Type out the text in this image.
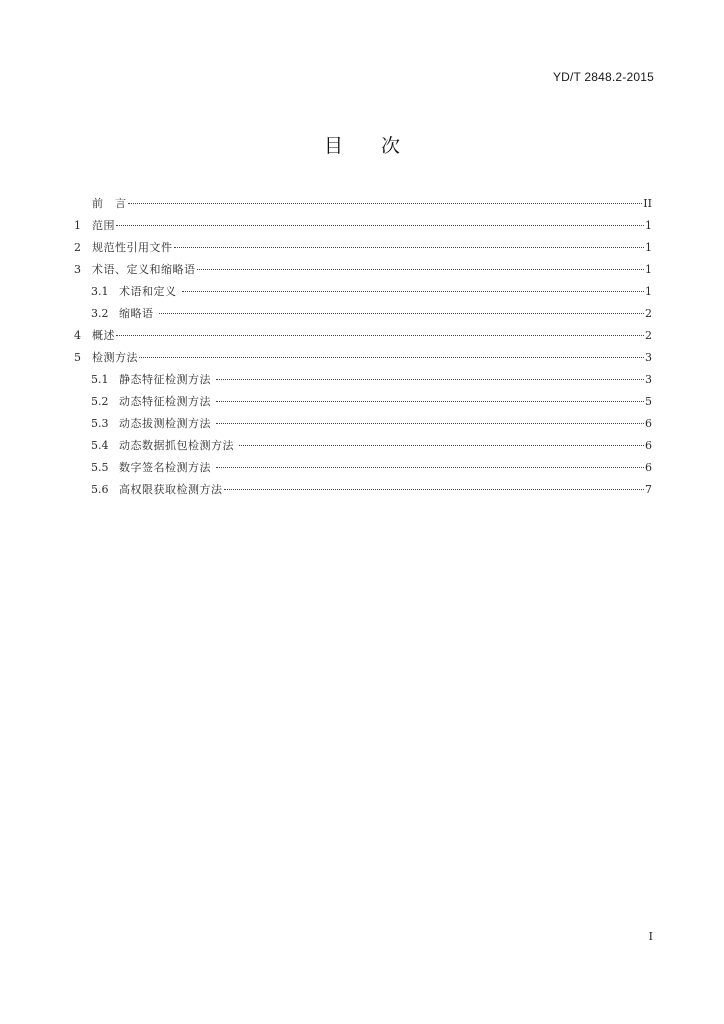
YD/T 2848.2-2015
目 次
前　言	II
1	范围	1
2	规范性引用文件	1
3	术语、定义和缩略语	1
3.1 术语和定义	1
3.2 缩略语	2
4	概述	2
5	检测方法	3
5.1 静态特征检测方法	3
5.2 动态特征检测方法	5
5.3 动态拔测检测方法	6
5.4 动态数据抓包检测方法	6
5.5 数字签名检测方法	6
5.6 高权限获取检测方法	7
I
